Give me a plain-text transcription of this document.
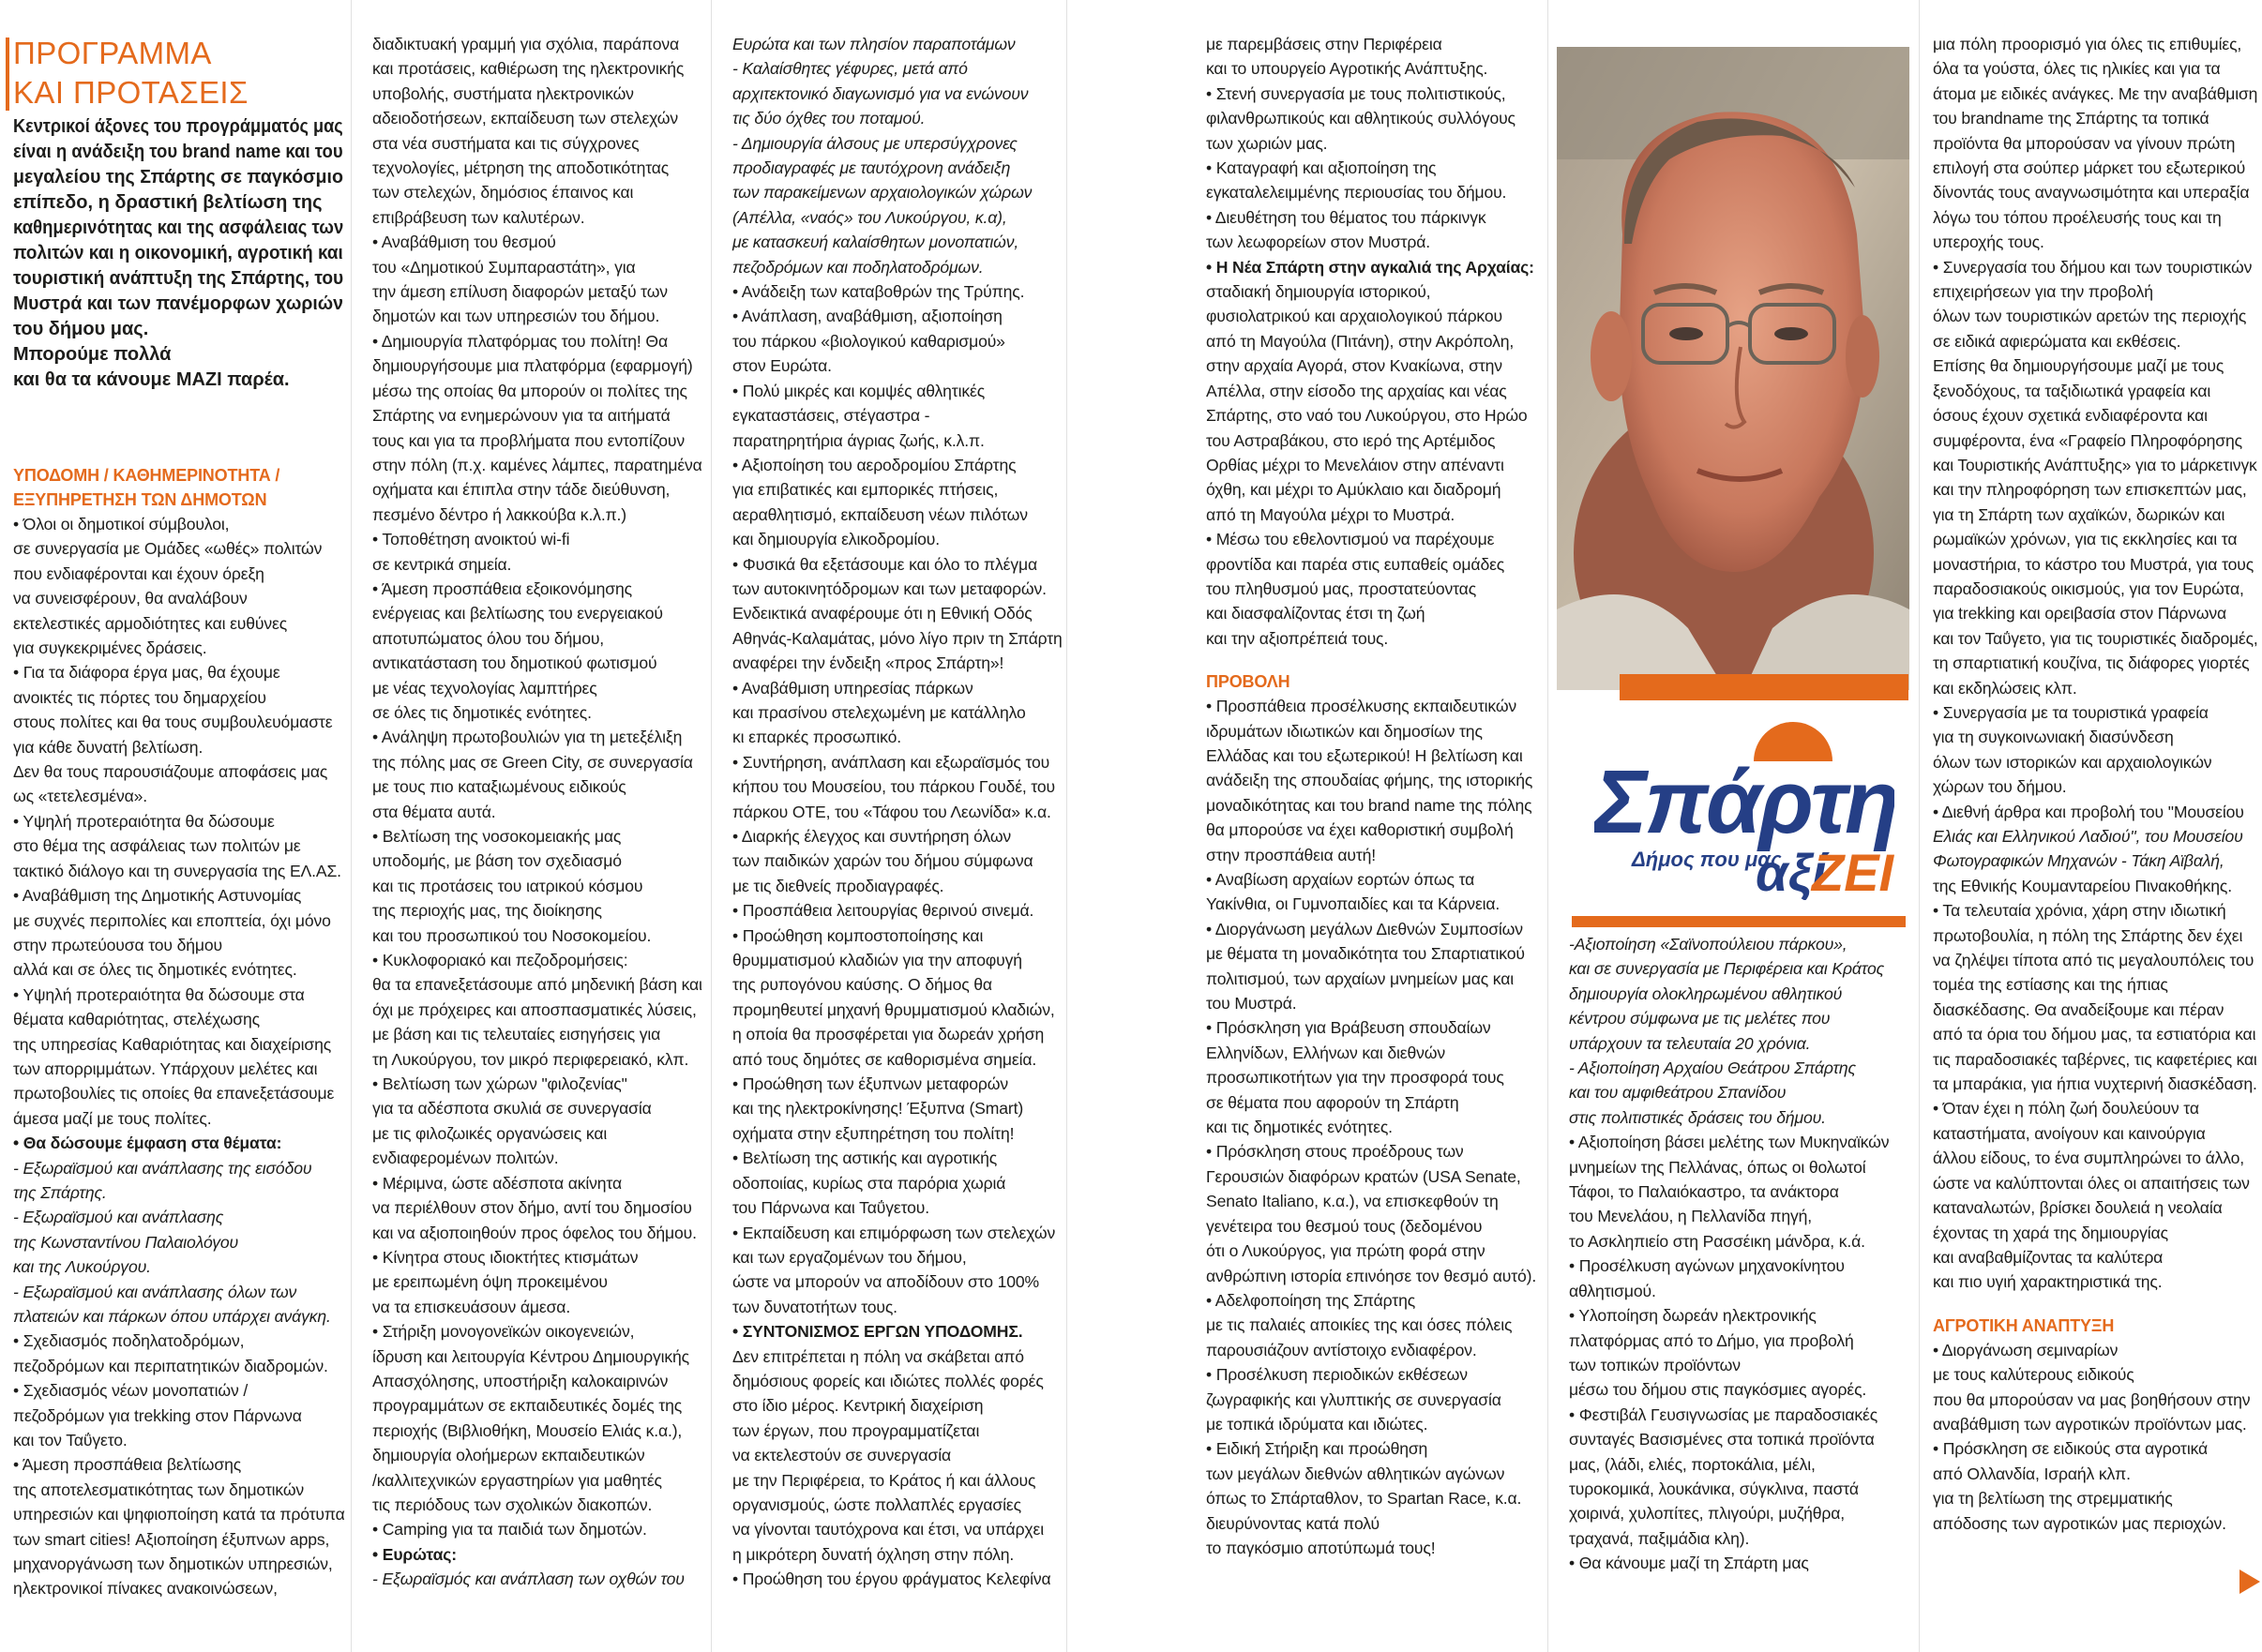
ΠΡΟΓΡΑΜΜΑ
ΚΑΙ ΠΡΟΤΑΣΕΙΣ
Κεντρικοί άξονες του προγράμματός μας
είναι η ανάδειξη του brand name και του
μεγαλείου της Σπάρτης σε παγκόσμιο
επίπεδο, η δραστική βελτίωση της
καθημερινότητας και της ασφάλειας των
πολιτών και η οικονομική, αγροτική και
τουριστική ανάπτυξη της Σπάρτης, του
Μυστρά και των πανέμορφων χωριών
του δήμου μας.
Μπορούμε πολλά
και θα τα κάνουμε ΜΑΖΙ παρέα.
ΥΠΟΔΟΜΗ / ΚΑΘΗΜΕΡΙΝΟΤΗΤΑ /
ΕΞΥΠΗΡΕΤΗΣΗ ΤΩΝ ΔΗΜΟΤΩΝ
• Όλοι οι δημοτικοί σύμβουλοι,
σε συνεργασία με Ομάδες «ωθές» πολιτών
που ενδιαφέρονται και έχουν όρεξη
να συνεισφέρουν, θα αναλάβουν
εκτελεστικές αρμοδιότητες και ευθύνες
για συγκεκριμένες δράσεις.
• Για τα διάφορα έργα μας, θα έχουμε
ανοικτές τις πόρτες του δημαρχείου
στους πολίτες και θα τους συμβουλευόμαστε
για κάθε δυνατή βελτίωση.
Δεν θα τους παρουσιάζουμε αποφάσεις μας
ως «τετελεσμένα».
• Υψηλή προτεραιότητα θα δώσουμε
στο θέμα της ασφάλειας των πολιτών με
τακτικό διάλογο και τη συνεργασία της ΕΛ.ΑΣ.
• Αναβάθμιση της Δημοτικής Αστυνομίας
με συχνές περιπολίες και εποπτεία, όχι μόνο
στην πρωτεύουσα του δήμου
αλλά και σε όλες τις δημοτικές ενότητες.
• Υψηλή προτεραιότητα θα δώσουμε στα
θέματα καθαριότητας, στελέχωσης
της υπηρεσίας Καθαριότητας και διαχείρισης
των απορριμμάτων. Υπάρχουν μελέτες και
πρωτοβουλίες τις οποίες θα επανεξετάσουμε
άμεσα μαζί με τους πολίτες.
• Θα δώσουμε έμφαση στα θέματα:
- Εξωραϊσμού και ανάπλασης της εισόδου
της Σπάρτης.
- Εξωραϊσμού και ανάπλασης
της Κωνσταντίνου Παλαιολόγου
και της Λυκούργου.
- Εξωραϊσμού και ανάπλασης όλων των
πλατειών και πάρκων όπου υπάρχει ανάγκη.
• Σχεδιασμός ποδηλατοδρόμων,
πεζοδρόμων και περιπατητικών διαδρομών.
• Σχεδιασμός νέων μονοπατιών /
πεζοδρόμων για trekking στον Πάρνωνα
και τον Ταΰγετο.
• Άμεση προσπάθεια βελτίωσης
της αποτελεσματικότητας των δημοτικών
υπηρεσιών και ψηφιοποίηση κατά τα πρότυπα
των smart cities! Αξιοποίηση έξυπνων apps,
μηχανοργάνωση των δημοτικών υπηρεσιών,
ηλεκτρονικοί πίνακες ανακοινώσεων,
διαδικτυακή γραμμή για σχόλια, παράπονα
και προτάσεις, καθιέρωση της ηλεκτρονικής
υποβολής, συστήματα ηλεκτρονικών
αδειοδοτήσεων, εκπαίδευση των στελεχών
στα νέα συστήματα και τις σύγχρονες
τεχνολογίες, μέτρηση της αποδοτικότητας
των στελεχών, δημόσιος έπαινος και
επιβράβευση των καλυτέρων.
• Αναβάθμιση του θεσμού
του «Δημοτικού Συμπαραστάτη», για
την άμεση επίλυση διαφορών μεταξύ των
δημοτών και των υπηρεσιών του δήμου.
• Δημιουργία πλατφόρμας του πολίτη! Θα
δημιουργήσουμε μια πλατφόρμα (εφαρμογή)
μέσω της οποίας θα μπορούν οι πολίτες της
Σπάρτης να ενημερώνουν για τα αιτήματά
τους και για τα προβλήματα που εντοπίζουν
στην πόλη (π.χ. καμένες λάμπες, παρατημένα
οχήματα και έπιπλα στην τάδε διεύθυνση,
πεσμένο δέντρο ή λακκούβα κ.λ.π.)
• Τοποθέτηση ανοικτού wi-fi
σε κεντρικά σημεία.
• Άμεση προσπάθεια εξοικονόμησης
ενέργειας και βελτίωσης του ενεργειακού
αποτυπώματος όλου του δήμου,
αντικατάσταση του δημοτικού φωτισμού
με νέας τεχνολογίας λαμπτήρες
σε όλες τις δημοτικές ενότητες.
• Ανάληψη πρωτοβουλιών για τη μετεξέλιξη
της πόλης μας σε Green City, σε συνεργασία
με τους πιο καταξιωμένους ειδικούς
στα θέματα αυτά.
• Βελτίωση της νοσοκομειακής μας
υποδομής, με βάση τον σχεδιασμό
και τις προτάσεις του ιατρικού κόσμου
της περιοχής μας, της διοίκησης
και του προσωπικού του Νοσοκομείου.
• Κυκλοφοριακό και πεζοδρομήσεις:
θα τα επανεξετάσουμε από μηδενική βάση και
όχι με πρόχειρες και αποσπασματικές λύσεις,
με βάση και τις τελευταίες εισηγήσεις για
τη Λυκούργου, τον μικρό περιφερειακό, κλπ.
• Βελτίωση των χώρων "φιλοζενίας"
για τα αδέσποτα σκυλιά σε συνεργασία
με τις φιλοζωικές οργανώσεις και
ενδιαφερομένων πολιτών.
• Μέριμνα, ώστε αδέσποτα ακίνητα
να περιέλθουν στον δήμο, αντί του δημοσίου
και να αξιοποιηθούν προς όφελος του δήμου.
• Κίνητρα στους ιδιοκτήτες κτισμάτων
με ερειπωμένη όψη προκειμένου
να τα επισκευάσουν άμεσα.
• Στήριξη μονογονεϊκών οικογενειών,
ίδρυση και λειτουργία Κέντρου Δημιουργικής
Απασχόλησης, υποστήριξη καλοκαιρινών
προγραμμάτων σε εκπαιδευτικές δομές της
περιοχής (Βιβλιοθήκη, Μουσείο Ελιάς κ.α.),
δημιουργία ολοήμερων εκπαιδευτικών
/καλλιτεχνικών εργαστηρίων για μαθητές
τις περιόδους των σχολικών διακοπών.
• Camping για τα παιδιά των δημοτών.
• Ευρώτας:
- Εξωραϊσμός και ανάπλαση των οχθών του
Ευρώτα και των πλησίον παραποτάμων
- Καλαίσθητες γέφυρες, μετά από
αρχιτεκτονικό διαγωνισμό για να ενώνουν
τις δύο όχθες του ποταμού.
- Δημιουργία άλσους με υπερσύγχρονες
προδιαγραφές με ταυτόχρονη ανάδειξη
των παρακείμενων αρχαιολογικών χώρων
(Απέλλα, «ναός» του Λυκούργου, κ.α),
με κατασκευή καλαίσθητων μονοπατιών,
πεζοδρόμων και ποδηλατοδρόμων.
• Ανάδειξη των καταβοθρών της Τρύπης.
• Ανάπλαση, αναβάθμιση, αξιοποίηση
του πάρκου «βιολογικού καθαρισμού»
στον Ευρώτα.
• Πολύ μικρές και κομψές αθλητικές
εγκαταστάσεις, στέγαστρα -
παρατηρητήρια άγριας ζωής, κ.λ.π.
• Αξιοποίηση του αεροδρομίου Σπάρτης
για επιβατικές και εμπορικές πτήσεις,
αεραθλητισμό, εκπαίδευση νέων πιλότων
και δημιουργία ελικοδρομίου.
• Φυσικά θα εξετάσουμε και όλο το πλέγμα
των αυτοκινητόδρομων και των μεταφορών.
Ενδεικτικά αναφέρουμε ότι η Εθνική Οδός
Αθηνάς-Καλαμάτας, μόνο λίγο πριν τη Σπάρτη
αναφέρει την ένδειξη «προς Σπάρτη»!
• Αναβάθμιση υπηρεσίας πάρκων
και πρασίνου στελεχωμένη με κατάλληλο
κι επαρκές προσωπικό.
• Συντήρηση, ανάπλαση και εξωραϊσμός του
κήπου του Μουσείου, του πάρκου Γουδέ, του
πάρκου ΟΤΕ, του «Τάφου του Λεωνίδα» κ.α.
• Διαρκής έλεγχος και συντήρηση όλων
των παιδικών χαρών του δήμου σύμφωνα
με τις διεθνείς προδιαγραφές.
• Προσπάθεια λειτουργίας θερινού σινεμά.
• Προώθηση κομποστοποίησης και
θρυμματισμού κλαδιών για την αποφυγή
της ρυπογόνου καύσης. Ο δήμος θα
προμηθευτεί μηχανή θρυμματισμού κλαδιών,
η οποία θα προσφέρεται για δωρεάν χρήση
από τους δημότες σε καθορισμένα σημεία.
• Προώθηση των έξυπνων μεταφορών
και της ηλεκτροκίνησης! Έξυπνα (Smart)
οχήματα στην εξυπηρέτηση του πολίτη!
• Βελτίωση της αστικής και αγροτικής
οδοποιίας, κυρίως στα παρόρια χωριά
του Πάρνωνα και Ταΰγετου.
• Εκπαίδευση και επιμόρφωση των στελεχών
και των εργαζομένων του δήμου,
ώστε να μπορούν να αποδίδουν στο 100%
των δυνατοτήτων τους.
• ΣΥΝΤΟΝΙΣΜΟΣ ΕΡΓΩΝ ΥΠΟΔΟΜΗΣ.
Δεν επιτρέπεται η πόλη να σκάβεται από
δημόσιους φορείς και ιδιώτες πολλές φορές
στο ίδιο μέρος. Κεντρική διαχείριση
των έργων, που προγραμματίζεται
να εκτελεστούν σε συνεργασία
με την Περιφέρεια, το Κράτος ή και άλλους
οργανισμούς, ώστε πολλαπλές εργασίες
να γίνονται ταυτόχρονα και έτσι, να υπάρχει
η μικρότερη δυνατή όχληση στην πόλη.
• Προώθηση του έργου φράγματος Κελεφίνα
με παρεμβάσεις στην Περιφέρεια
και το υπουργείο Αγροτικής Ανάπτυξης.
• Στενή συνεργασία με τους πολιτιστικούς,
φιλανθρωπικούς και αθλητικούς συλλόγους
των χωριών μας.
• Καταγραφή και αξιοποίηση της
εγκαταλελειμμένης περιουσίας του δήμου.
• Διευθέτηση του θέματος του πάρκινγκ
των λεωφορείων στον Μυστρά.
• Η Νέα Σπάρτη στην αγκαλιά της Αρχαίας:
σταδιακή δημιουργία ιστορικού,
φυσιολατρικού και αρχαιολογικού πάρκου
από τη Μαγούλα (Πιτάνη), στην Ακρόπολη,
στην αρχαία Αγορά, στον Κνακίωνα, στην
Απέλλα, στην είσοδο της αρχαίας και νέας
Σπάρτης, στο ναό του Λυκούργου, στο Ηρώο
του Αστραβάκου, στο ιερό της Αρτέμιδος
Ορθίας μέχρι το Μενελάιον στην απέναντι
όχθη, και μέχρι το Αμύκλαιο και διαδρομή
από τη Μαγούλα μέχρι το Μυστρά.
• Μέσω του εθελοντισμού να παρέχουμε
φροντίδα και παρέα στις ευπαθείς ομάδες
του πληθυσμού μας, προστατεύοντας
και διασφαλίζοντας έτσι τη ζωή
και την αξιοπρέπειά τους.
ΠΡΟΒΟΛΗ
• Προσπάθεια προσέλκυσης εκπαιδευτικών
ιδρυμάτων ιδιωτικών και δημοσίων της
Ελλάδας και του εξωτερικού! Η βελτίωση και
ανάδειξη της σπουδαίας φήμης, της ιστορικής
μοναδικότητας και του brand name της πόλης
θα μπορούσε να έχει καθοριστική συμβολή
στην προσπάθεια αυτή!
• Αναβίωση αρχαίων εορτών όπως τα
Υακίνθια, οι Γυμνοπαιδίες και τα Κάρνεια.
• Διοργάνωση μεγάλων Διεθνών Συμποσίων
με θέματα τη μοναδικότητα του Σπαρτιατικού
πολιτισμού, των αρχαίων μνημείων μας και
του Μυστρά.
• Πρόσκληση για Βράβευση σπουδαίων
Ελληνίδων, Ελλήνων και διεθνών
προσωπικοτήτων για την προσφορά τους
σε θέματα που αφορούν τη Σπάρτη
και τις δημοτικές ενότητες.
• Πρόσκληση στους προέδρους των
Γερουσιών διαφόρων κρατών (USA Senate,
Senato Italiano, κ.α.), να επισκεφθούν τη
γενέτειρα του θεσμού τους (δεδομένου
ότι ο Λυκούργος, για πρώτη φορά στην
ανθρώπινη ιστορία επινόησε τον θεσμό αυτό).
• Αδελφοποίηση της Σπάρτης
με τις παλαιές αποικίες της και όσες πόλεις
παρουσιάζουν αντίστοιχο ενδιαφέρον.
• Προσέλκυση περιοδικών εκθέσεων
ζωγραφικής και γλυπτικής σε συνεργασία
με τοπικά ιδρύματα και ιδιώτες.
• Ειδική Στήριξη και προώθηση
των μεγάλων διεθνών αθλητικών αγώνων
όπως το Σπάρταθλον, το Spartan Race, κ.α.
διευρύνοντας κατά πολύ
το παγκόσμιο αποτύπωμά τους!
-Αξιοποίηση «Σαϊνοπούλειου πάρκου»,
και σε συνεργασία με Περιφέρεια και Κράτος
δημιουργία ολοκληρωμένου αθλητικού
κέντρου σύμφωνα με τις μελέτες που
υπάρχουν τα τελευταία 20 χρόνια.
- Αξιοποίηση Αρχαίου Θεάτρου Σπάρτης
και του αμφιθεάτρου Σπανίδου
στις πολιτιστικές δράσεις του δήμου.
• Αξιοποίηση βάσει μελέτης των Μυκηναϊκών
μνημείων της Πελλάνας, όπως οι θολωτοί
Τάφοι, το Παλαιόκαστρο, τα ανάκτορα
του Μενελάου, η Πελλανίδα πηγή,
το Ασκληπιείο στη Ρασσέικη μάνδρα, κ.ά.
• Προσέλκυση αγώνων μηχανοκίνητου
αθλητισμού.
• Υλοποίηση δωρεάν ηλεκτρονικής
πλατφόρμας από το Δήμο, για προβολή
των τοπικών προϊόντων
μέσω του δήμου στις παγκόσμιες αγορές.
• Φεστιβάλ Γευσιγνωσίας με παραδοσιακές
συνταγές Βασισμένες στα τοπικά προϊόντα
μας, (λάδι, ελιές, πορτοκάλια, μέλι,
τυροκομικά, λουκάνικα, σύγκλινα, παστά
χοιρινά, χυλοπίτες, πλιγούρι, μυζήθρα,
τραχανά, παξιμάδια κλη).
• Θα κάνουμε μαζί τη Σπάρτη μας
μια πόλη προορισμό για όλες τις επιθυμίες,
όλα τα γούστα, όλες τις ηλικίες και για τα
άτομα με ειδικές ανάγκες. Με την αναβάθμιση
του brandname της Σπάρτης τα τοπικά
προϊόντα θα μπορούσαν να γίνουν πρώτη
επιλογή στα σούπερ μάρκετ του εξωτερικού
δίνοντάς τους αναγνωσιμότητα και υπεραξία
λόγω του τόπου προέλευσής τους και τη
υπεροχής τους.
• Συνεργασία του δήμου και των τουριστικών
επιχειρήσεων για την προβολή
όλων των τουριστικών αρετών της περιοχής
σε ειδικά αφιερώματα και εκθέσεις.
Επίσης θα δημιουργήσουμε μαζί με τους
ξενοδόχους, τα ταξιδιωτικά γραφεία και
όσους έχουν σχετικά ενδιαφέροντα και
συμφέροντα, ένα «Γραφείο Πληροφόρησης
και Τουριστικής Ανάπτυξης» για το μάρκετινγκ
και την πληροφόρηση των επισκεπτών μας,
για τη Σπάρτη των αχαϊκών, δωρικών και
ρωμαϊκών χρόνων, για τις εκκλησίες και τα
μοναστήρια, το κάστρο του Μυστρά, για τους
παραδοσιακούς οικισμούς, για τον Ευρώτα,
για trekking και ορειβασία στον Πάρνωνα
και τον Ταΰγετο, για τις τουριστικές διαδρομές,
τη σπαρτιατική κουζίνα, τις διάφορες γιορτές
και εκδηλώσεις κλπ.
• Συνεργασία με τα τουριστικά γραφεία
για τη συγκοινωνιακή διασύνδεση
όλων των ιστορικών και αρχαιολογικών
χώρων του δήμου.
• Διεθνή άρθρα και προβολή του "Μουσείου
Ελιάς και Ελληνικού Λαδιού", του Μουσείου
Φωτογραφικών Μηχανών - Τάκη Αϊβαλή,
της Εθνικής Κουμανταρείου Πινακοθήκης.
• Τα τελευταία χρόνια, χάρη στην ιδιωτική
πρωτοβουλία, η πόλη της Σπάρτης δεν έχει
να ζηλέψει τίποτα από τις μεγαλουπόλεις του
τομέα της εστίασης και της ήπιας
διασκέδασης. Θα αναδείξουμε και πέραν
από τα όρια του δήμου μας, τα εστιατόρια και
τις παραδοσιακές ταβέρνες, τις καφετέριες και
τα μπαράκια, για ήπια νυχτερινή διασκέδαση.
• Όταν έχει η πόλη ζωή δουλεύουν τα
καταστήματα, ανοίγουν και καινούργια
άλλου είδους, το ένα συμπληρώνει το άλλο,
ώστε να καλύπτονται όλες οι απαιτήσεις των
καταναλωτών, βρίσκει δουλειά η νεολαία
έχοντας τη χαρά της δημιουργίας
και αναβαθμίζοντας τα καλύτερα
και πιο υγιή χαρακτηριστικά της.
ΑΓΡΟΤΙΚΗ ΑΝΑΠΤΥΞΗ
• Διοργάνωση σεμιναρίων
με τους καλύτερους ειδικούς
που θα μπορούσαν να μας βοηθήσουν στην
αναβάθμιση των αγροτικών προϊόντων μας.
• Πρόσκληση σε ειδικούς στα αγροτικά
από Ολλανδία, Ισραήλ κλπ.
για τη βελτίωση της στρεμματικής
απόδοσης των αγροτικών μας περιοχών.
Σπάρτη
Δήμος που μας
αξί
ΖΕΙ
